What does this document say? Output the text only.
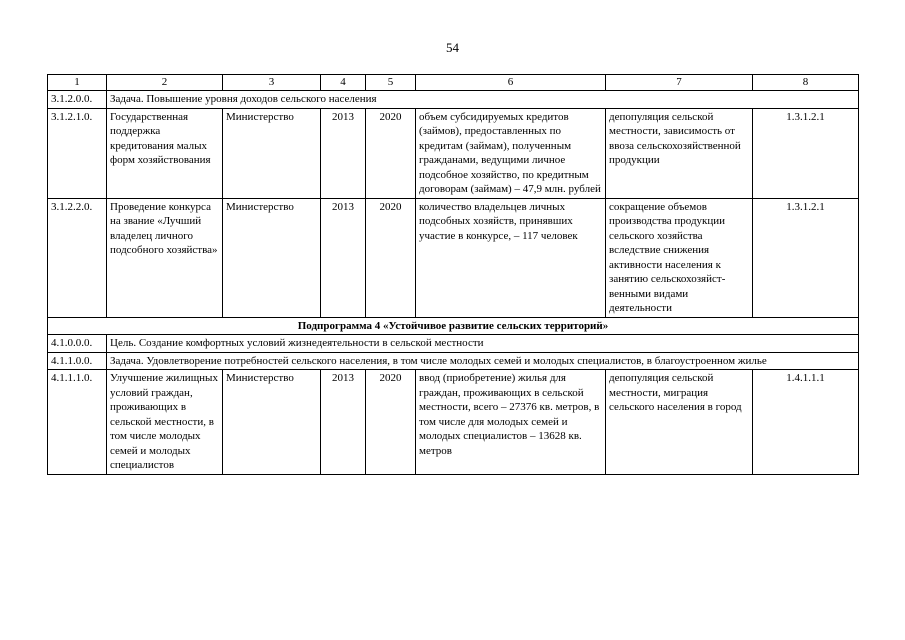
54
1	2	3	4	5	6	7	8
3.1.2.0.0.	Задача. Повышение уровня доходов сельского населения						
3.1.2.1.0.	Государственная поддержка кредитования малых форм хозяйствования	Министерство	2013	2020	объем субсидируемых кредитов (займов), предоставленных по кредитам (займам), полученным гражданами, ведущими личное подсобное хозяйство, по кредитным договорам (займам) – 47,9 млн. рублей	депопуляция сельской местности, зависимость от ввоза сельскохозяйственной продукции	1.3.1.2.1
3.1.2.2.0.	Проведение конкурса на звание «Лучший владелец личного подсобного хозяйства»	Министерство	2013	2020	количество владельцев личных подсобных хозяйств, принявших участие в конкурсе, – 117 человек	сокращение объемов производства продукции сельского хозяйства вследствие снижения активности населения к занятию сельскохозяйст-венными видами деятельности	1.3.1.2.1
Подпрограмма 4 «Устойчивое развитие сельских территорий»							
4.1.0.0.0.	Цель. Создание комфортных условий жизнедеятельности в сельской местности						
4.1.1.0.0.	Задача. Удовлетворение потребностей сельского населения, в том числе молодых семей и молодых специалистов, в благоустроенном жилье						
4.1.1.1.0.	Улучшение жилищных условий граждан, проживающих в сельской местности, в том числе молодых семей и молодых специалистов	Министерство	2013	2020	ввод (приобретение) жилья для граждан, проживающих в сельской местности, всего – 27376 кв. метров, в том числе для молодых семей и молодых специалистов – 13628 кв. метров	депопуляция сельской местности, миграция сельского населения в город	1.4.1.1.1
